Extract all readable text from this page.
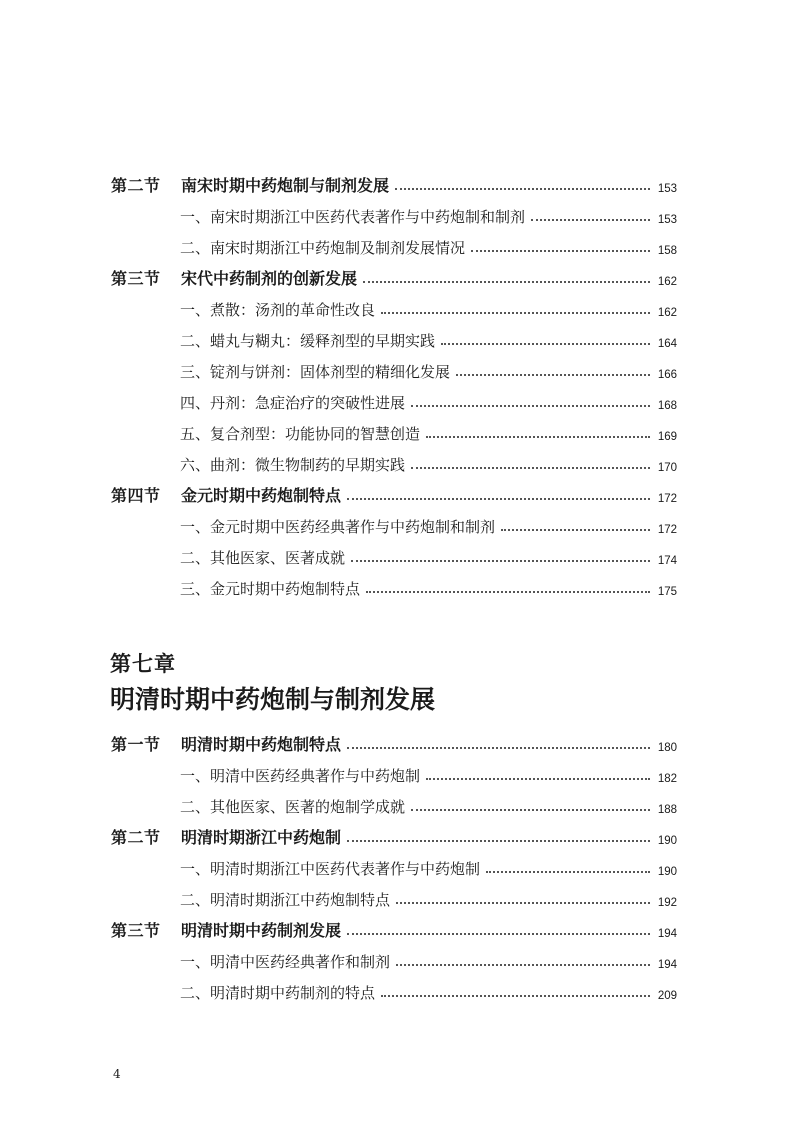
第二节	南宋时期中药炮制与制剂发展	153
一、南宋时期浙江中医药代表著作与中药炮制和制剂	153
二、南宋时期浙江中药炮制及制剂发展情况	158
第三节	宋代中药制剂的创新发展	162
一、煮散：汤剂的革命性改良	162
二、蜡丸与糊丸：缓释剂型的早期实践	164
三、锭剂与饼剂：固体剂型的精细化发展	166
四、丹剂：急症治疗的突破性进展	168
五、复合剂型：功能协同的智慧创造	169
六、曲剂：微生物制药的早期实践	170
第四节	金元时期中药炮制特点	172
一、金元时期中医药经典著作与中药炮制和制剂	172
二、其他医家、医著成就	174
三、金元时期中药炮制特点	175
第七章
明清时期中药炮制与制剂发展
第一节	明清时期中药炮制特点	180
一、明清中医药经典著作与中药炮制	182
二、其他医家、医著的炮制学成就	188
第二节	明清时期浙江中药炮制	190
一、明清时期浙江中医药代表著作与中药炮制	190
二、明清时期浙江中药炮制特点	192
第三节	明清时期中药制剂发展	194
一、明清中医药经典著作和制剂	194
二、明清时期中药制剂的特点	209
4
